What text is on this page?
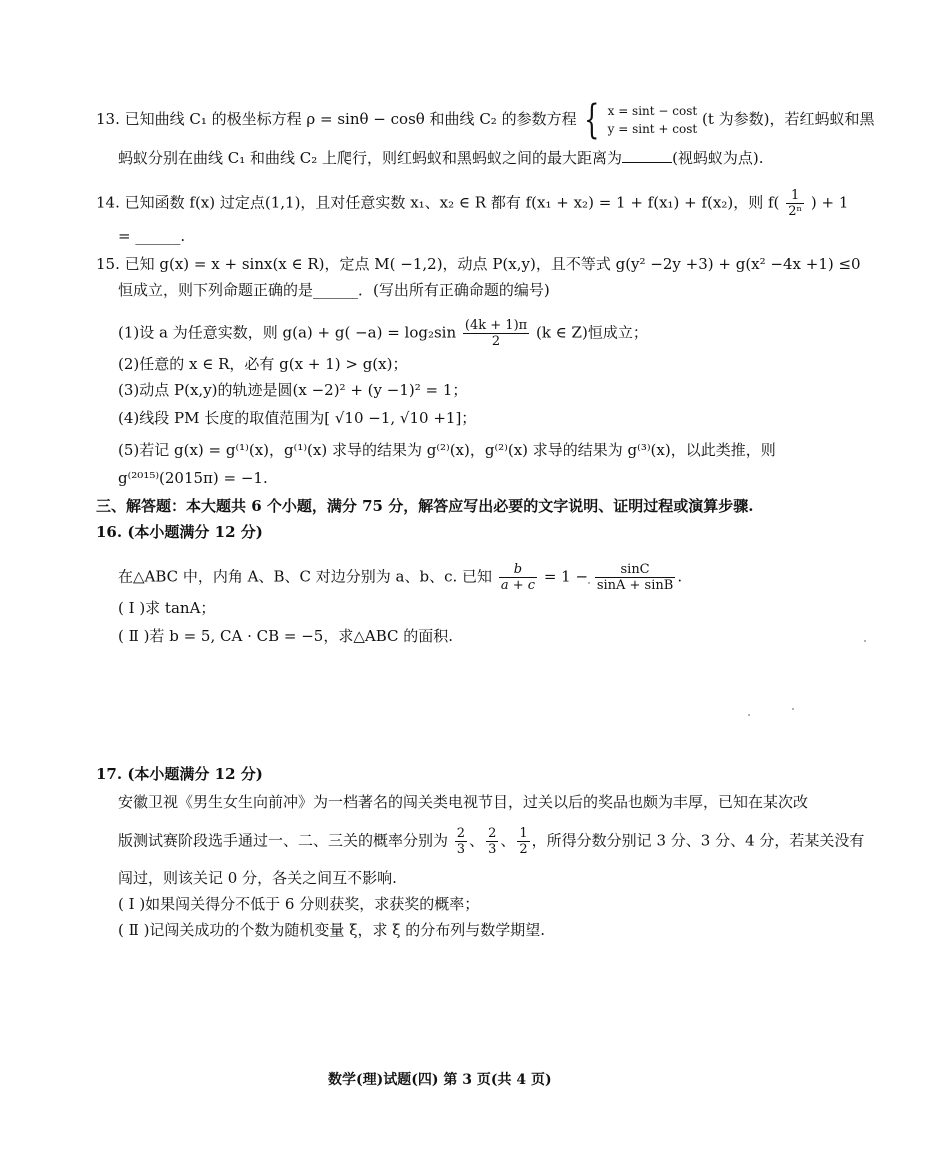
13. 已知曲线 C₁ 的极坐标方程 ρ = sinθ − cosθ 和曲线 C₂ 的参数方程 { x = sint − cost
y = sint + cost
(t 为参数)，若红蚂蚁和黑
蚂蚁分别在曲线 C₁ 和曲线 C₂ 上爬行，则红蚂蚁和黑蚂蚁之间的最大距离为	(视蚂蚁为点).
14. 已知函数 f(x) 过定点(1,1)，且对任意实数 x₁、x₂ ∈ R 都有 f(x₁ + x₂) = 1 + f(x₁) + f(x₂)，则 $f( \frac{1}{\text{2ⁿ}}$ ) + 1
= ______.
15. 已知 g(x) = x + sinx(x ∈ R)，定点 M( −1,2)，动点 P(x,y)，且不等式 g(y² −2y +3) + g(x² −4x +1) ≤0
恒成立，则下列命题正确的是______．(写出所有正确命题的编号)
(1)设 a 为任意实数，则 $g(a) + g( -a) = \log_2\sin \frac{(4k + 1)\pi}{2} (k$ ∈ Z)恒成立；
(2)任意的 x ∈ R，必有 g(x + 1) > g(x)；
(3)动点 P(x,y)的轨迹是圆(x −2)² + (y −1)² = 1；
(4)线段 PM 长度的取值范围为[ √10 −1, √10 +1]；
(5)若记 g(x) = g⁽¹⁾(x)，g⁽¹⁾(x) 求导的结果为 g⁽²⁾(x)，g⁽²⁾(x) 求导的结果为 g⁽³⁾(x)，以此类推，则
g⁽²⁰¹⁵⁾(2015π) = −1.
三、解答题：本大题共 6 个小题，满分 75 分，解答应写出必要的文字说明、证明过程或演算步骤.
16. (本小题满分 12 分)
在△ABC 中，内角 A、B、C 对边分别为 a、b、c. 已知 $\frac{b}{a + c} = 1 - \frac{\sin C}{\sin A + \sin B}$ .
( Ⅰ )求 tanA；
( Ⅱ )若 b = 5, CA · CB = −5，求△ABC 的面积.
17. (本小题满分 12 分)
安徽卫视《男生女生向前冲》为一档著名的闯关类电视节目，过关以后的奖品也颇为丰厚，已知在某次改
版测试赛阶段选手通过一、二、三关的概率分别为 $\frac{2}{3}$ 、 $\frac{2}{3}$ 、 $\frac{1}{2}$ ，所得分数分别记 3 分、3 分、4 分，若某关没有
闯过，则该关记 0 分，各关之间互不影响.
( Ⅰ )如果闯关得分不低于 6 分则获奖，求获奖的概率；
( Ⅱ )记闯关成功的个数为随机变量 ξ，求 ξ 的分布列与数学期望.
数学(理)试题(四) 第 3 页(共 4 页)
